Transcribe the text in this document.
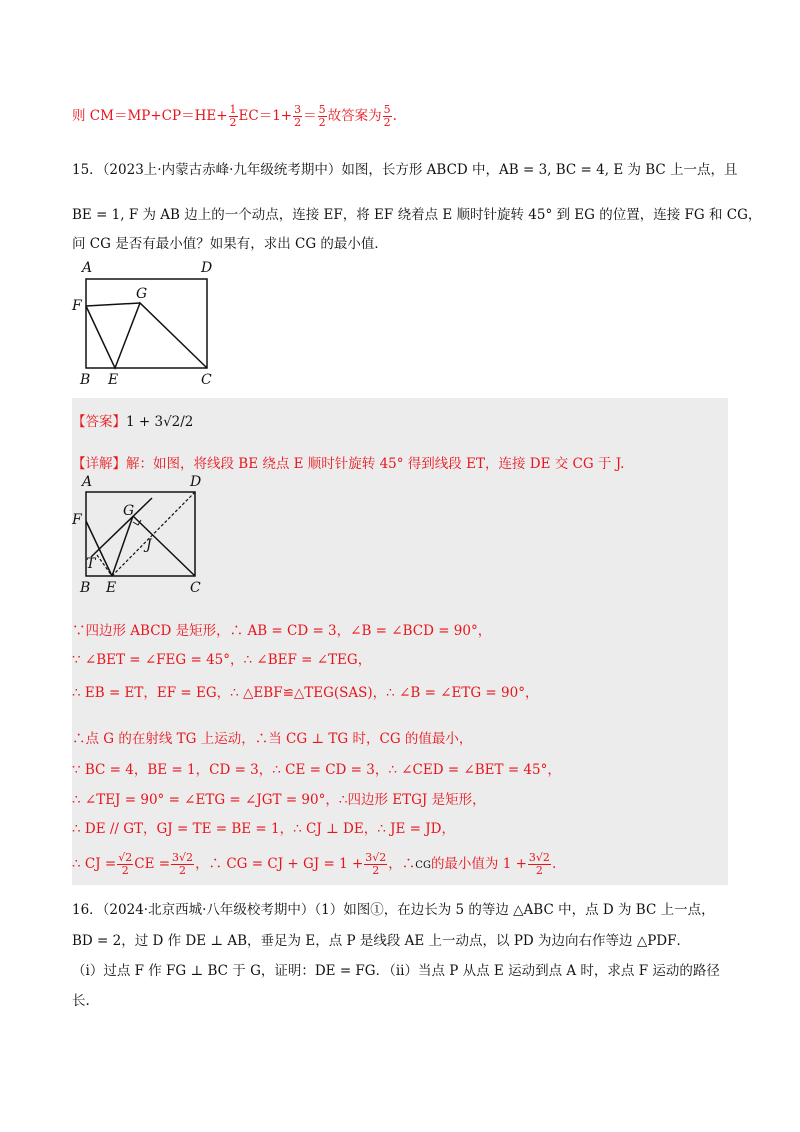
则 $CM=MP+CP=HE+ \frac{1}{2} EC=1+ \frac{3}{2} = \frac{5}{2}$ 故答案为 $\frac{5}{2}$ .
15．（2023上·内蒙古赤峰·九年级统考期中）如图，长方形 ABCD 中，AB = 3, BC = 4, E 为 BC 上一点，且
BE = 1, F 为 AB 边上的一个动点，连接 EF，将 EF 绕着点 E 顺时针旋转 45° 到 EG 的位置，连接 FG 和 CG，
问 CG 是否有最小值？如果有，求出 CG 的最小值．
A	D
F
G
B E	C
【答案】1 + 3√2/2
【详解】解：如图，将线段 BE 绕点 E 顺时针旋转 45° 得到线段 ET，连接 DE 交 CG 于 J.
A	D
F
G
T
J
B E	C
∵四边形 ABCD 是矩形，∴ AB = CD = 3，∠B = ∠BCD = 90°，
∵ ∠BET = ∠FEG = 45°，∴ ∠BEF = ∠TEG，
∴ EB = ET，EF = EG，∴ △EBF≌△TEG(SAS)，∴ ∠B = ∠ETG = 90°，
∴点 G 的在射线 TG 上运动，∴当 CG ⊥ TG 时，CG 的值最小，
∵ BC = 4，BE = 1，CD = 3，∴ CE = CD = 3，∴ ∠CED = ∠BET = 45°，
∴ ∠TEJ = 90° = ∠ETG = ∠JGT = 90°，∴四边形 ETGJ 是矩形，
∴ DE // GT，GJ = TE = BE = 1，∴ CJ ⊥ DE，∴ JE = JD，
∴ CJ = $\frac{√2}{2}$ CE = $\frac{3√2}{2}$ ，∴ CG = CJ + GJ = $1 + \frac{3√2}{2}$ ，∴CG的最小值为 $1 + \frac{3√2}{2}$ .
16．（2024·北京西城·八年级校考期中）（1）如图①，在边长为 5 的等边 △ABC 中，点 D 为 BC 上一点，
BD = 2，过 D 作 DE ⊥ AB，垂足为 E，点 P 是线段 AE 上一动点，以 PD 为边向右作等边 △PDF．
（i）过点 F 作 FG ⊥ BC 于 G，证明：DE = FG．（ii）当点 P 从点 E 运动到点 A 时，求点 F 运动的路径
长.
